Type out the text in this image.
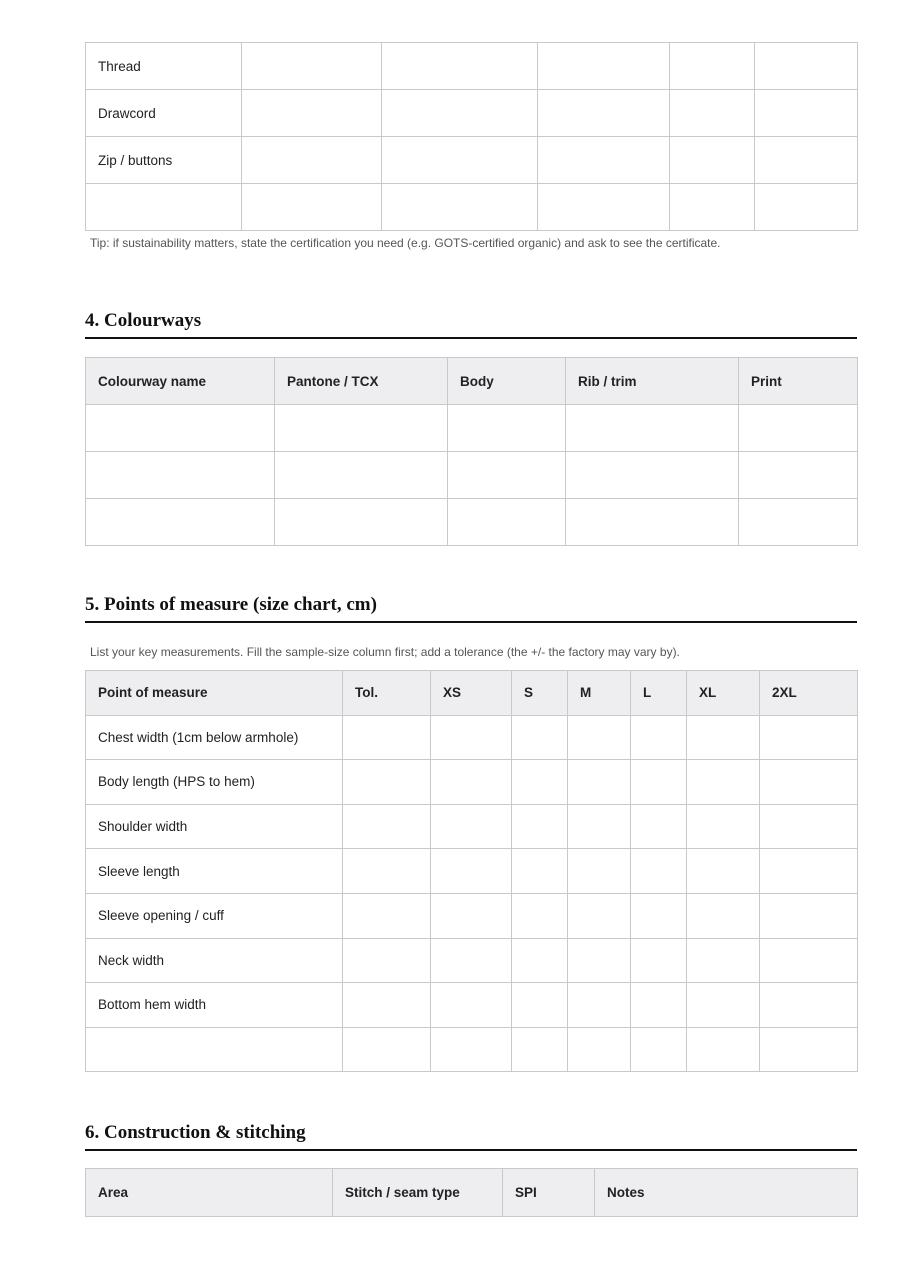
Thread					
Drawcord					
Zip / buttons					

Tip: if sustainability matters, state the certification you need (e.g. GOTS-certified organic) and ask to see the certificate.
4. Colourways
Colourway name	Pantone / TCX	Body	Rib / trim	Print

5. Points of measure (size chart, cm)
List your key measurements. Fill the sample-size column first; add a tolerance (the +/- the factory may vary by).
Point of measure	Tol.	XS	S	M	L	XL	2XL
Chest width (1cm below armhole)							
Body length (HPS to hem)							
Shoulder width							
Sleeve length							
Sleeve opening / cuff							
Neck width							
Bottom hem width							

6. Construction & stitching
Area	Stitch / seam type	SPI	Notes
